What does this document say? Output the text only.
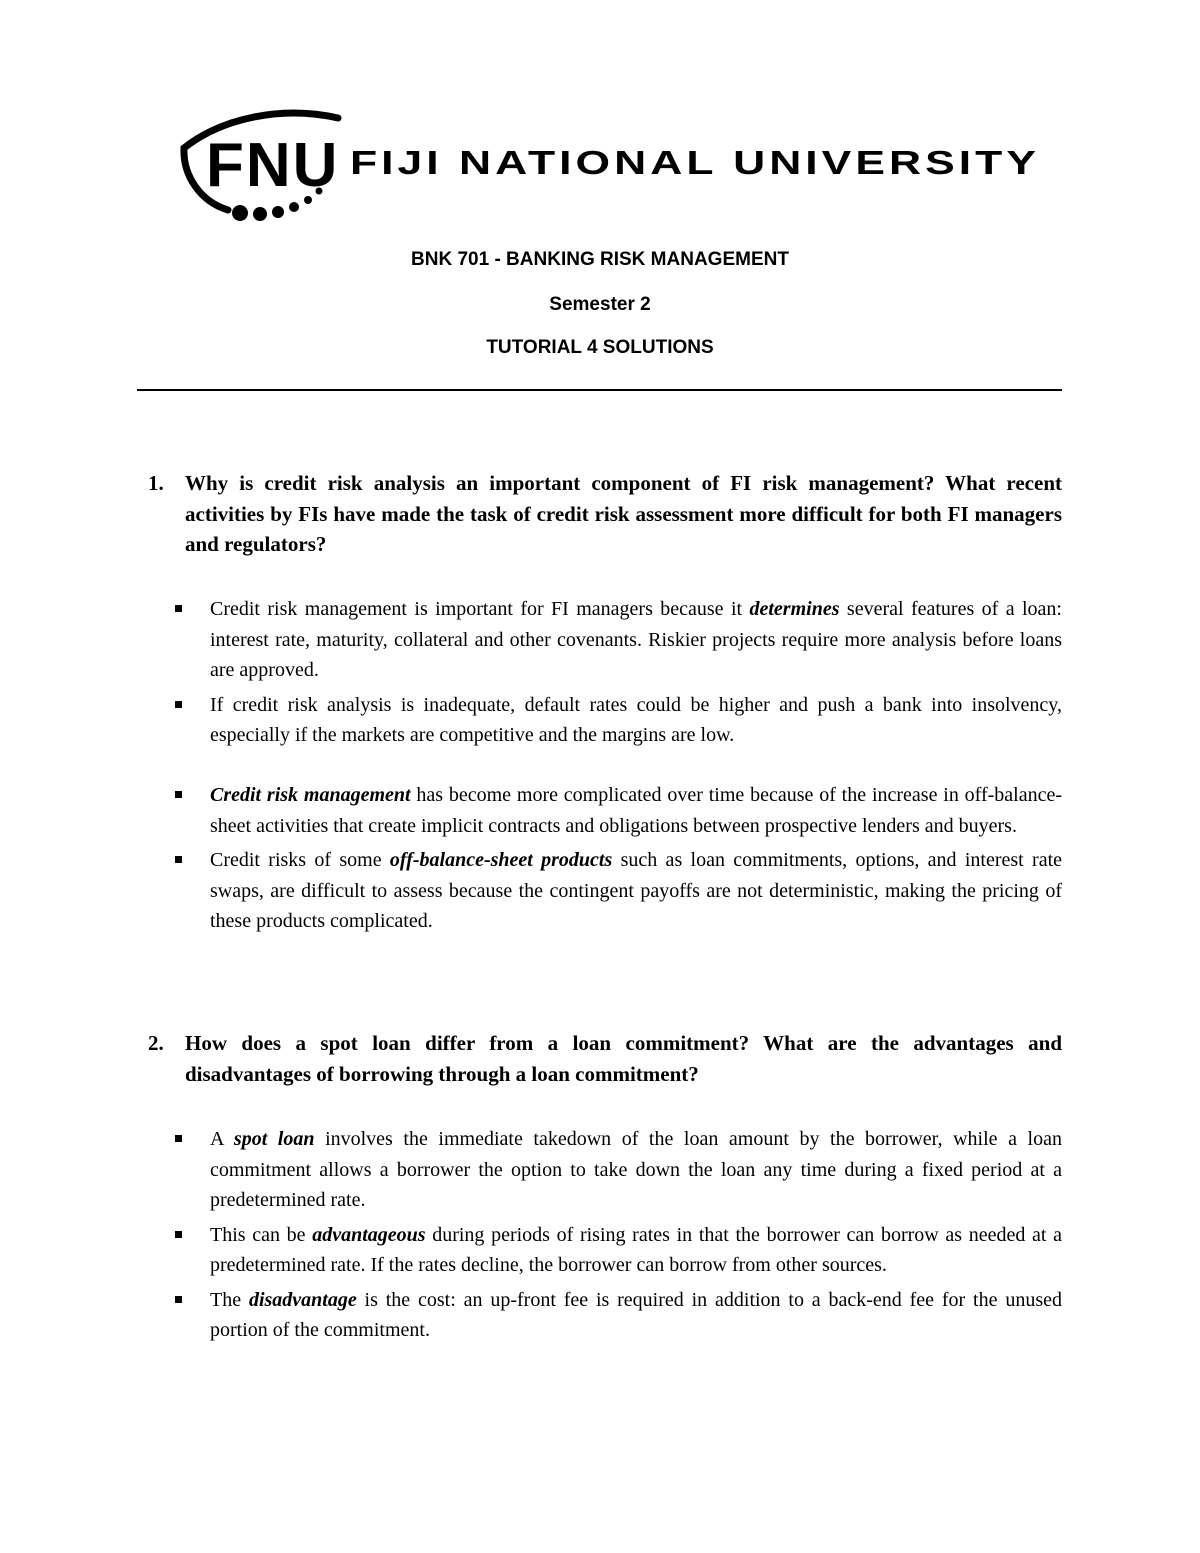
FNU FIJI NATIONAL UNIVERSITY
BNK 701 - BANKING RISK MANAGEMENT
Semester 2
TUTORIAL 4 SOLUTIONS
1. Why is credit risk analysis an important component of FI risk management? What recent activities by FIs have made the task of credit risk assessment more difficult for both FI managers and regulators?
Credit risk management is important for FI managers because it determines several features of a loan: interest rate, maturity, collateral and other covenants. Riskier projects require more analysis before loans are approved.
If credit risk analysis is inadequate, default rates could be higher and push a bank into insolvency, especially if the markets are competitive and the margins are low.
Credit risk management has become more complicated over time because of the increase in off-balance-sheet activities that create implicit contracts and obligations between prospective lenders and buyers.
Credit risks of some off-balance-sheet products such as loan commitments, options, and interest rate swaps, are difficult to assess because the contingent payoffs are not deterministic, making the pricing of these products complicated.
2. How does a spot loan differ from a loan commitment? What are the advantages and disadvantages of borrowing through a loan commitment?
A spot loan involves the immediate takedown of the loan amount by the borrower, while a loan commitment allows a borrower the option to take down the loan any time during a fixed period at a predetermined rate.
This can be advantageous during periods of rising rates in that the borrower can borrow as needed at a predetermined rate. If the rates decline, the borrower can borrow from other sources.
The disadvantage is the cost: an up-front fee is required in addition to a back-end fee for the unused portion of the commitment.
